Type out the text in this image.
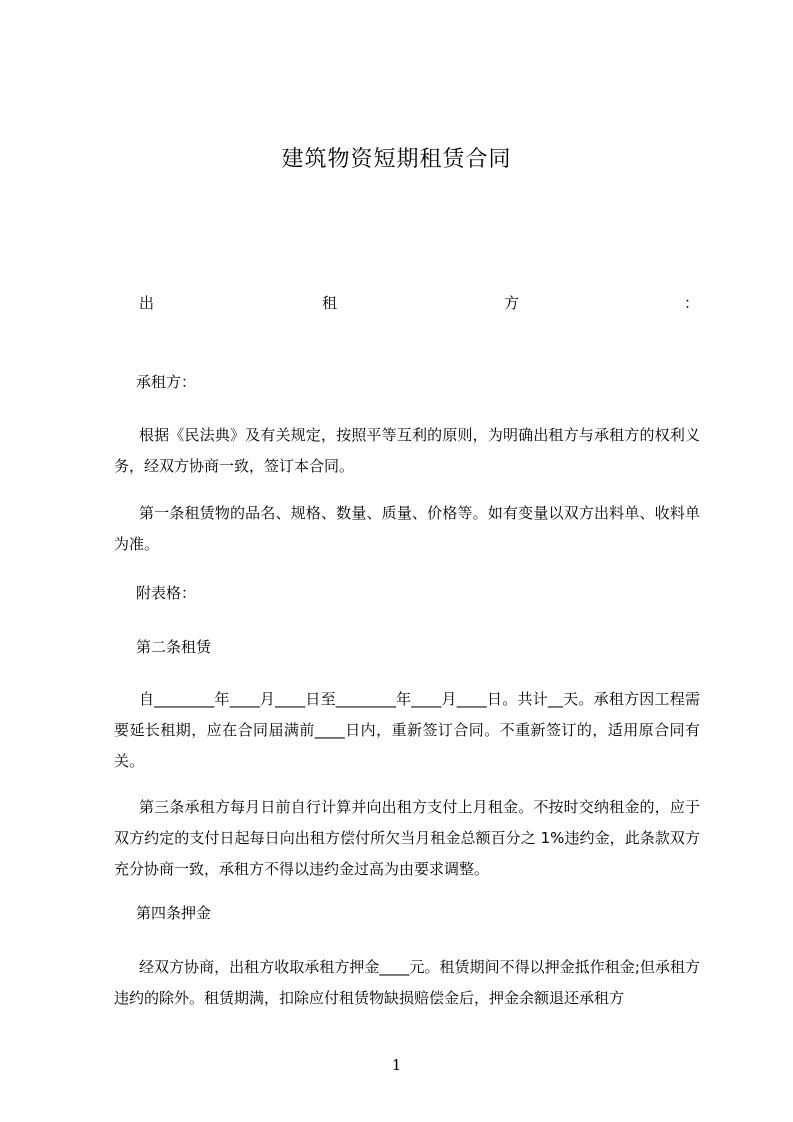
建筑物资短期租赁合同
出	租	方	：

承租方：

根据《民法典》及有关规定，按照平等互利的原则，为明确出租方与承租方的权利义务，经双方协商一致，签订本合同。

第一条租赁物的品名、规格、数量、质量、价格等。如有变量以双方出料单、收料单为准。

附表格：

第二条租赁

自________年____月____日至________年____月____日。共计__天。承租方因工程需要延长租期，应在合同届满前____日内，重新签订合同。不重新签订的，适用原合同有关。

第三条承租方每月日前自行计算并向出租方支付上月租金。不按时交纳租金的，应于双方约定的支付日起每日向出租方偿付所欠当月租金总额百分之 1%违约金，此条款双方充分协商一致，承租方不得以违约金过高为由要求调整。

第四条押金

经双方协商，出租方收取承租方押金____元。租赁期间不得以押金抵作租金;但承租方违约的除外。租赁期满，扣除应付租赁物缺损赔偿金后，押金余额退还承租方

1
